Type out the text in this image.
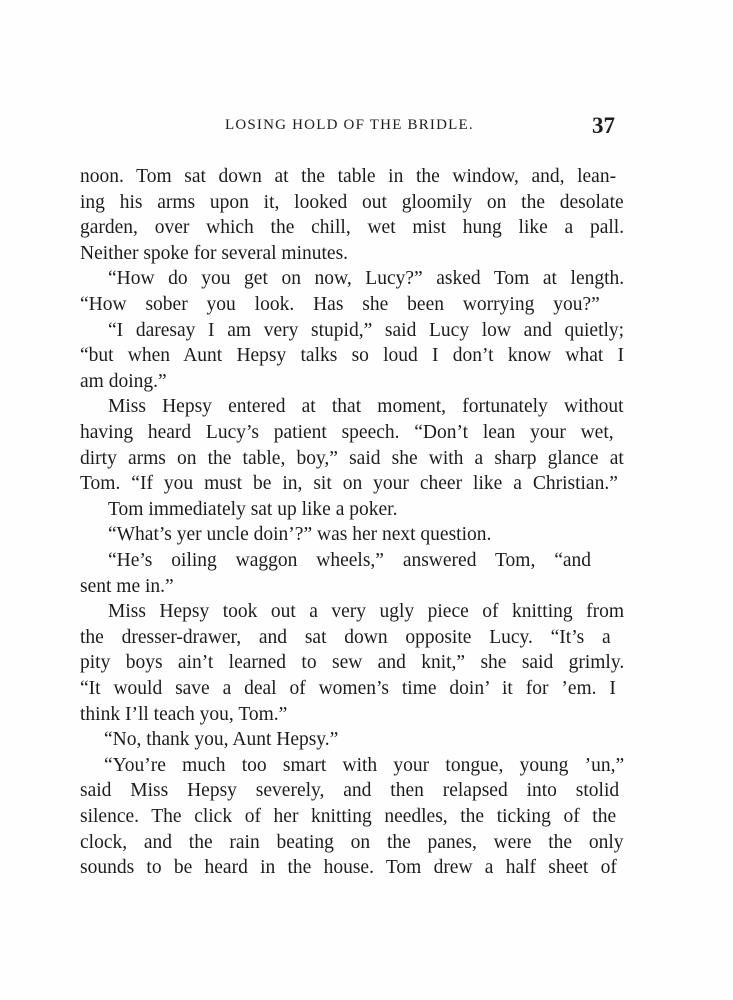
LOSING HOLD OF THE BRIDLE.	37
noon. Tom sat down at the table in the window, and, lean-
ing his arms upon it, looked out gloomily on the desolate
garden, over which the chill, wet mist hung like a pall.
Neither spoke for several minutes.
“How do you get on now, Lucy?” asked Tom at length.
“How sober you look. Has she been worrying you?”
“I daresay I am very stupid,” said Lucy low and quietly;
“but when Aunt Hepsy talks so loud I don’t know what I
am doing.”
Miss Hepsy entered at that moment, fortunately without
having heard Lucy’s patient speech. “Don’t lean your wet,
dirty arms on the table, boy,” said she with a sharp glance at
Tom. “If you must be in, sit on your cheer like a Christian.”
Tom immediately sat up like a poker.
“What’s yer uncle doin’?” was her next question.
“He’s oiling waggon wheels,” answered Tom, “and
sent me in.”
Miss Hepsy took out a very ugly piece of knitting from
the dresser-drawer, and sat down opposite Lucy. “It’s a
pity boys ain’t learned to sew and knit,” she said grimly.
“It would save a deal of women’s time doin’ it for ’em. I
think I’ll teach you, Tom.”
“No, thank you, Aunt Hepsy.”
“You’re much too smart with your tongue, young ’un,”
said Miss Hepsy severely, and then relapsed into stolid
silence. The click of her knitting needles, the ticking of the
clock, and the rain beating on the panes, were the only
sounds to be heard in the house. Tom drew a half sheet of
